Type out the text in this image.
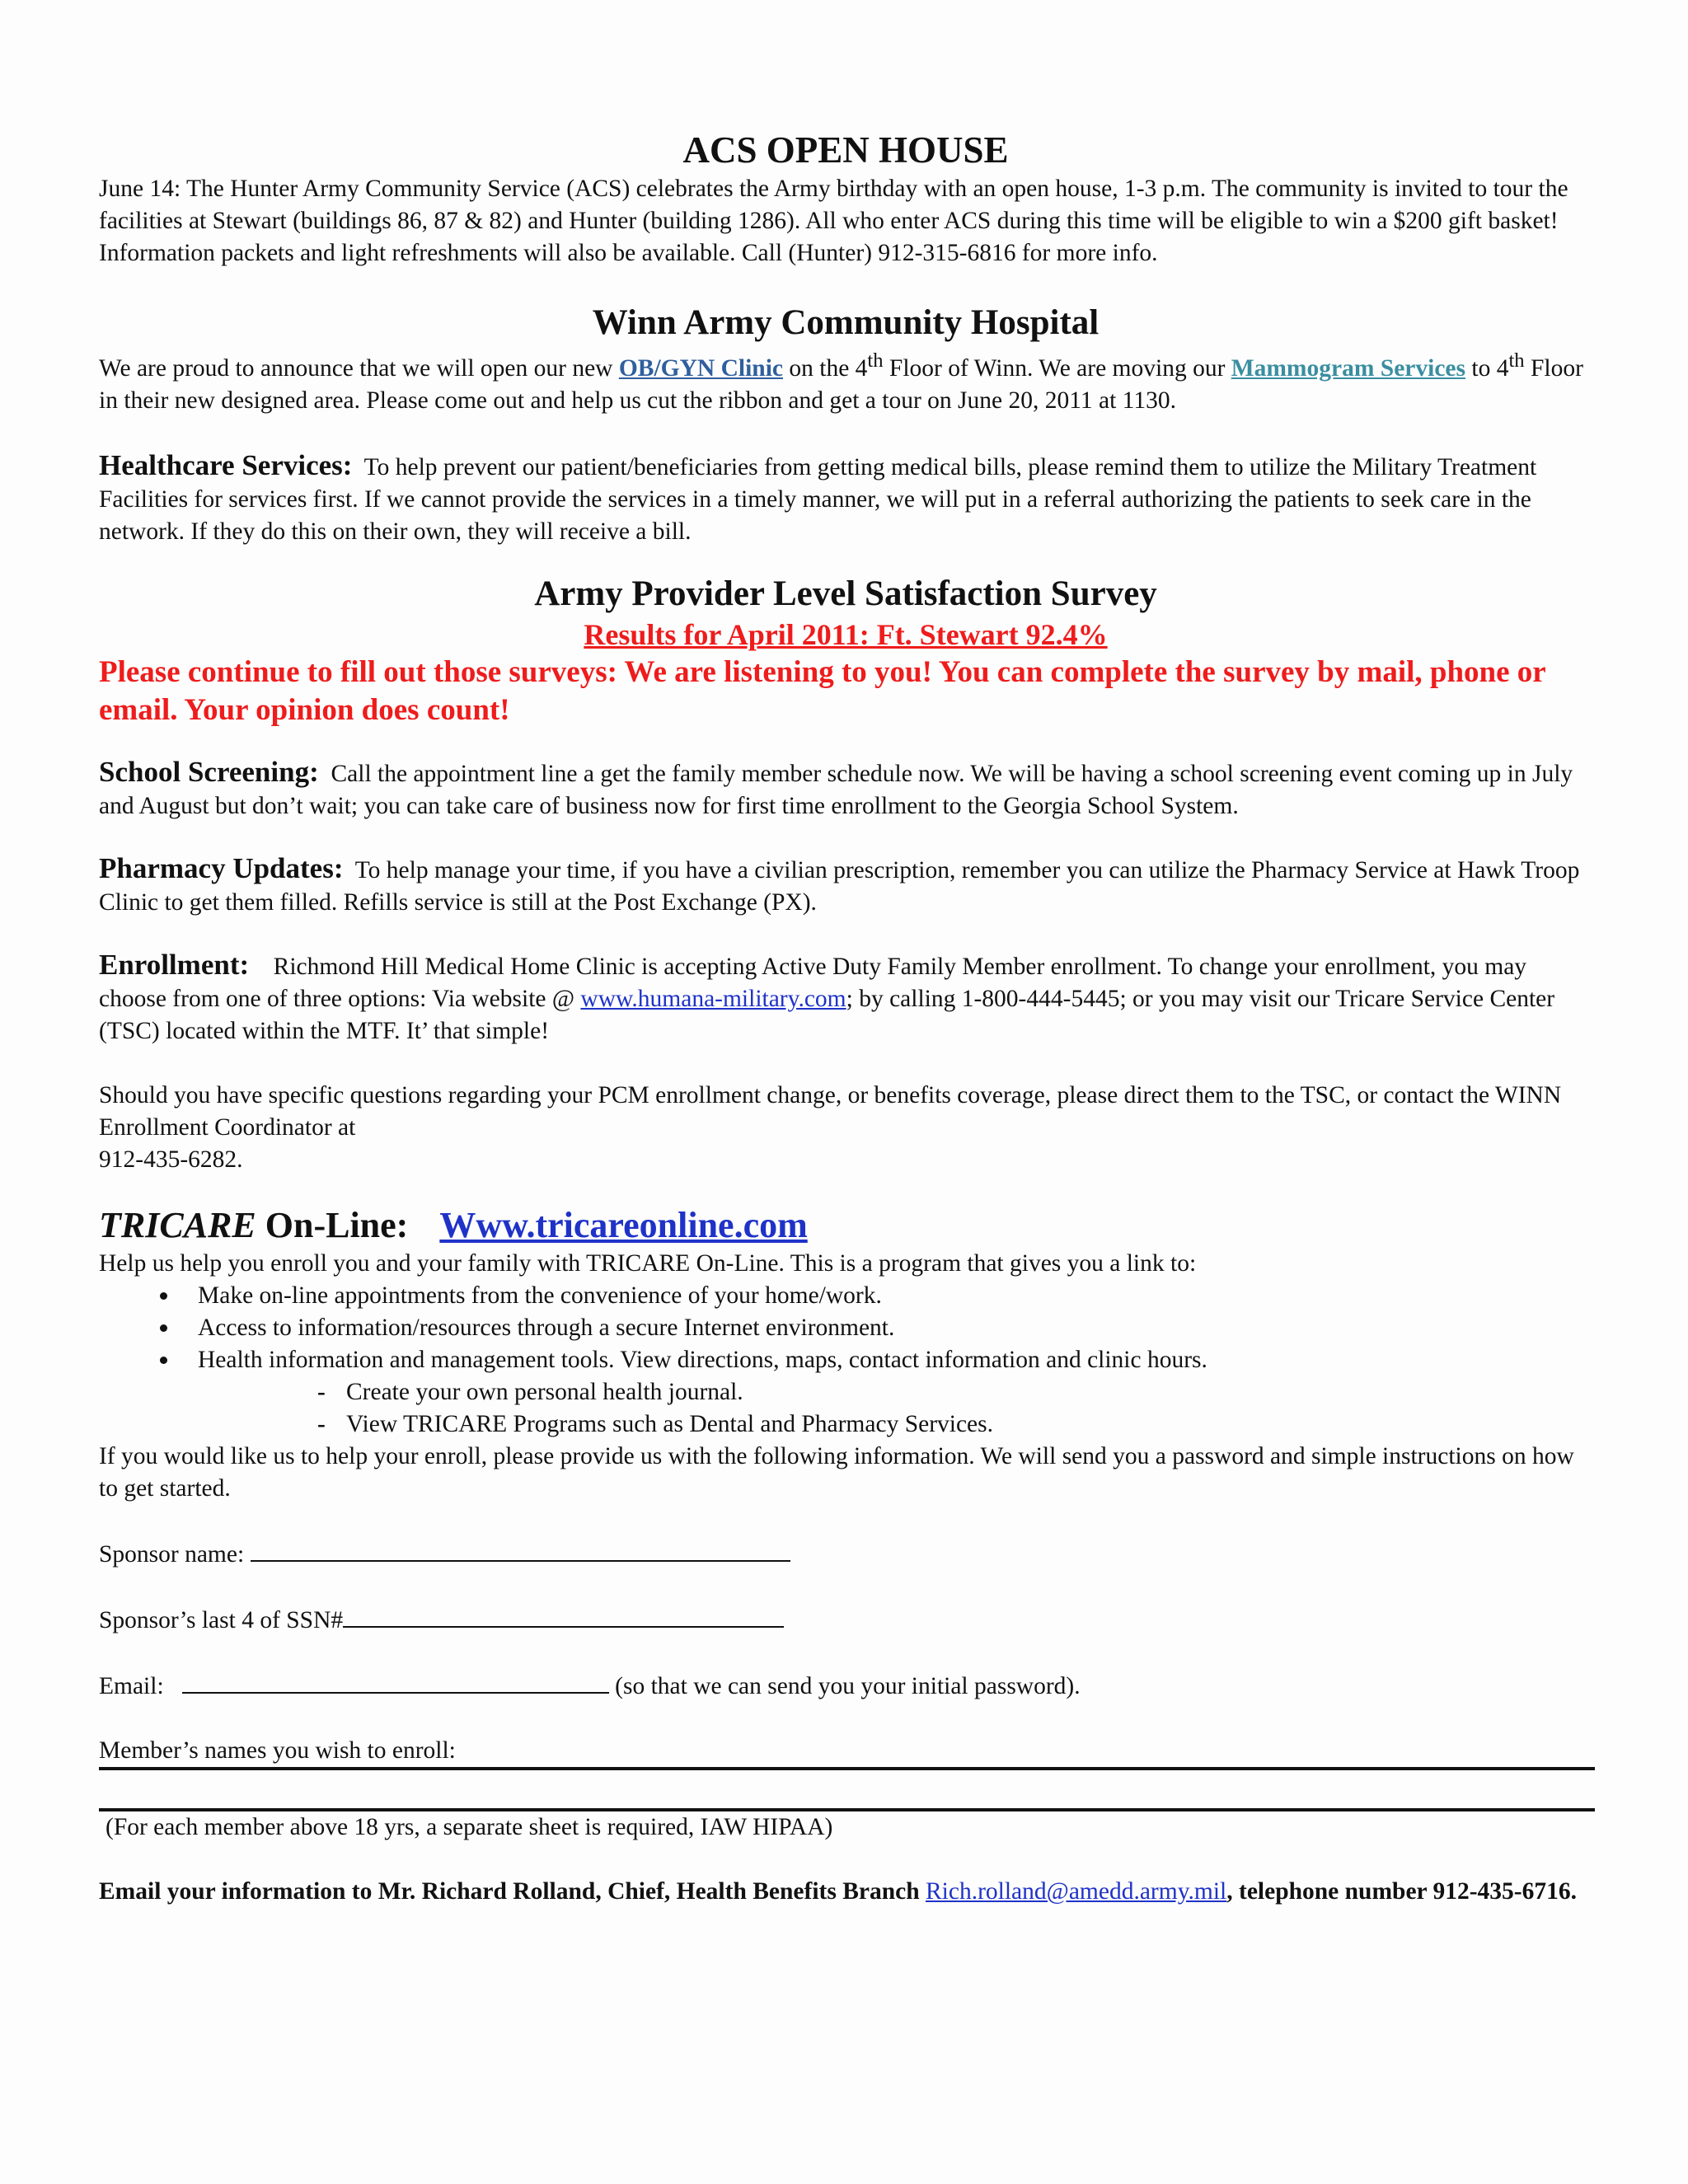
ACS OPEN HOUSE

June 14: The Hunter Army Community Service (ACS) celebrates the Army birthday with an open house, 1-3 p.m. The community is invited to tour the facilities at Stewart (buildings 86, 87 & 82) and Hunter (building 1286). All who enter ACS during this time will be eligible to win a $200 gift basket! Information packets and light refreshments will also be available. Call (Hunter) 912-315-6816 for more info.

Winn Army Community Hospital

We are proud to announce that we will open our new OB/GYN Clinic on the 4th Floor of Winn. We are moving our Mammogram Services to 4th Floor in their new designed area. Please come out and help us cut the ribbon and get a tour on June 20, 2011 at 1130.

Healthcare Services: To help prevent our patient/beneficiaries from getting medical bills, please remind them to utilize the Military Treatment Facilities for services first. If we cannot provide the services in a timely manner, we will put in a referral authorizing the patients to seek care in the network. If they do this on their own, they will receive a bill.

Army Provider Level Satisfaction Survey
Results for April 2011: Ft. Stewart 92.4%

Please continue to fill out those surveys: We are listening to you! You can complete the survey by mail, phone or email. Your opinion does count!

School Screening: Call the appointment line a get the family member schedule now. We will be having a school screening event coming up in July and August but don’t wait; you can take care of business now for first time enrollment to the Georgia School System.

Pharmacy Updates: To help manage your time, if you have a civilian prescription, remember you can utilize the Pharmacy Service at Hawk Troop Clinic to get them filled. Refills service is still at the Post Exchange (PX).

Enrollment: Richmond Hill Medical Home Clinic is accepting Active Duty Family Member enrollment. To change your enrollment, you may choose from one of three options: Via website @ www.humana-military.com; by calling 1-800-444-5445; or you may visit our Tricare Service Center (TSC) located within the MTF. It’ that simple!

Should you have specific questions regarding your PCM enrollment change, or benefits coverage, please direct them to the TSC, or contact the WINN Enrollment Coordinator at

912-435-6282.

TRICARE On-Line: Www.tricareonline.com

Help us help you enroll you and your family with TRICARE On-Line. This is a program that gives you a link to:

Make on-line appointments from the convenience of your home/work.
Access to information/resources through a secure Internet environment.
Health information and management tools. View directions, maps, contact information and clinic hours.
- Create your own personal health journal.
- View TRICARE Programs such as Dental and Pharmacy Services.

If you would like us to help your enroll, please provide us with the following information. We will send you a password and simple instructions on how to get started.

Sponsor name:

Sponsor’s last 4 of SSN#

Email:	(so that we can send you your initial password).

Member’s names you wish to enroll:

(For each member above 18 yrs, a separate sheet is required, IAW HIPAA)

Email your information to Mr. Richard Rolland, Chief, Health Benefits Branch Rich.rolland@amedd.army.mil, telephone number 912-435-6716.
